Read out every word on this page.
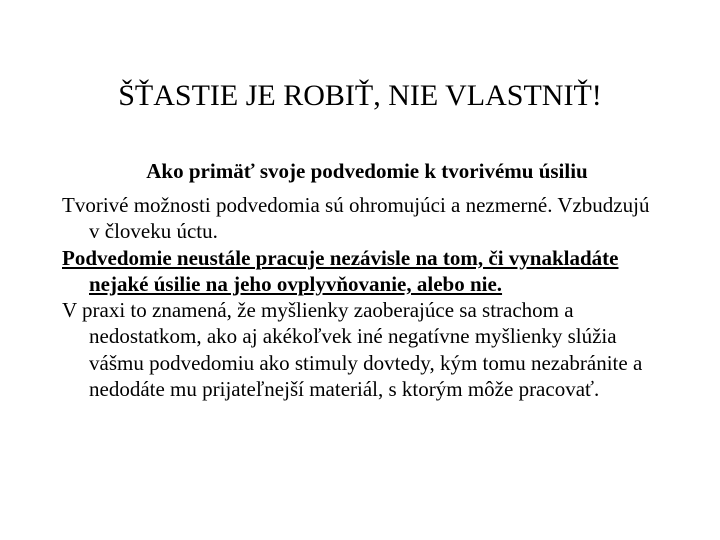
ŠŤASTIE JE ROBIŤ, NIE VLASTNIŤ!

Ako primäť svoje podvedomie k tvorivému úsiliu

Tvorivé možnosti podvedomia sú ohromujúci a nezmerné. Vzbudzujú v človeku úctu.
Podvedomie neustále pracuje nezávisle na tom, či vynakladáte nejaké úsilie na jeho ovplyvňovanie, alebo nie.
V praxi to znamená, že myšlienky zaoberajúce sa strachom a nedostatkom, ako aj akékoľvek iné negatívne myšlienky slúžia vášmu podvedomiu ako stimuly dovtedy, kým tomu nezabránite a nedodáte mu prijateľnejší materiál, s ktorým môže pracovať.
